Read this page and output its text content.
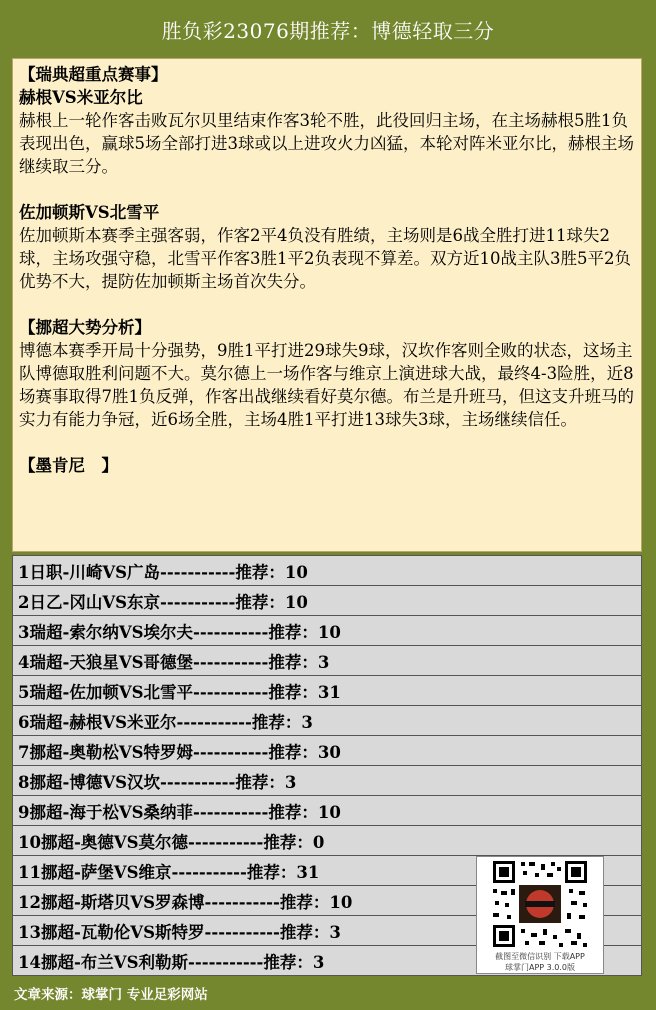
胜负彩23076期推荐：博德轻取三分

【瑞典超重点赛事】

赫根VS米亚尔比

赫根上一轮作客击败瓦尔贝里结束作客3轮不胜，此役回归主场，在主场赫根5胜1负表现出色，赢球5场全部打进3球或以上进攻火力凶猛，本轮对阵米亚尔比，赫根主场继续取三分。

佐加顿斯VS北雪平

佐加顿斯本赛季主强客弱，作客2平4负没有胜绩，主场则是6战全胜打进11球失2球，主场攻强守稳，北雪平作客3胜1平2负表现不算差。双方近10战主队3胜5平2负优势不大，提防佐加顿斯主场首次失分。

【挪超大势分析】

博德本赛季开局十分强势，9胜1平打进29球失9球，汉坎作客则全败的状态，这场主队博德取胜利问题不大。莫尔德上一场作客与维京上演进球大战，最终4-3险胜，近8场赛事取得7胜1负反弹，作客出战继续看好莫尔德。布兰是升班马，但这支升班马的实力有能力争冠，近6场全胜，主场4胜1平打进13球失3球，主场继续信任。

【墨肯尼　】

1日职-川崎VS广岛-----------推荐：10
2日乙-冈山VS东京-----------推荐：10
3瑞超-索尔纳VS埃尔夫-----------推荐：10
4瑞超-天狼星VS哥德堡-----------推荐：3
5瑞超-佐加顿VS北雪平-----------推荐：31
6瑞超-赫根VS米亚尔-----------推荐：3
7挪超-奥勒松VS特罗姆-----------推荐：30
8挪超-博德VS汉坎-----------推荐：3
9挪超-海于松VS桑纳菲-----------推荐：10
10挪超-奥德VS莫尔德-----------推荐：0
11挪超-萨堡VS维京-----------推荐：31
12挪超-斯塔贝VS罗森博-----------推荐：10
13挪超-瓦勒伦VS斯特罗-----------推荐：3
14挪超-布兰VS利勒斯-----------推荐：3	截图至微信识别 下载APP
球掌门APP 3.0.0版
文章来源：球掌门 专业足彩网站
